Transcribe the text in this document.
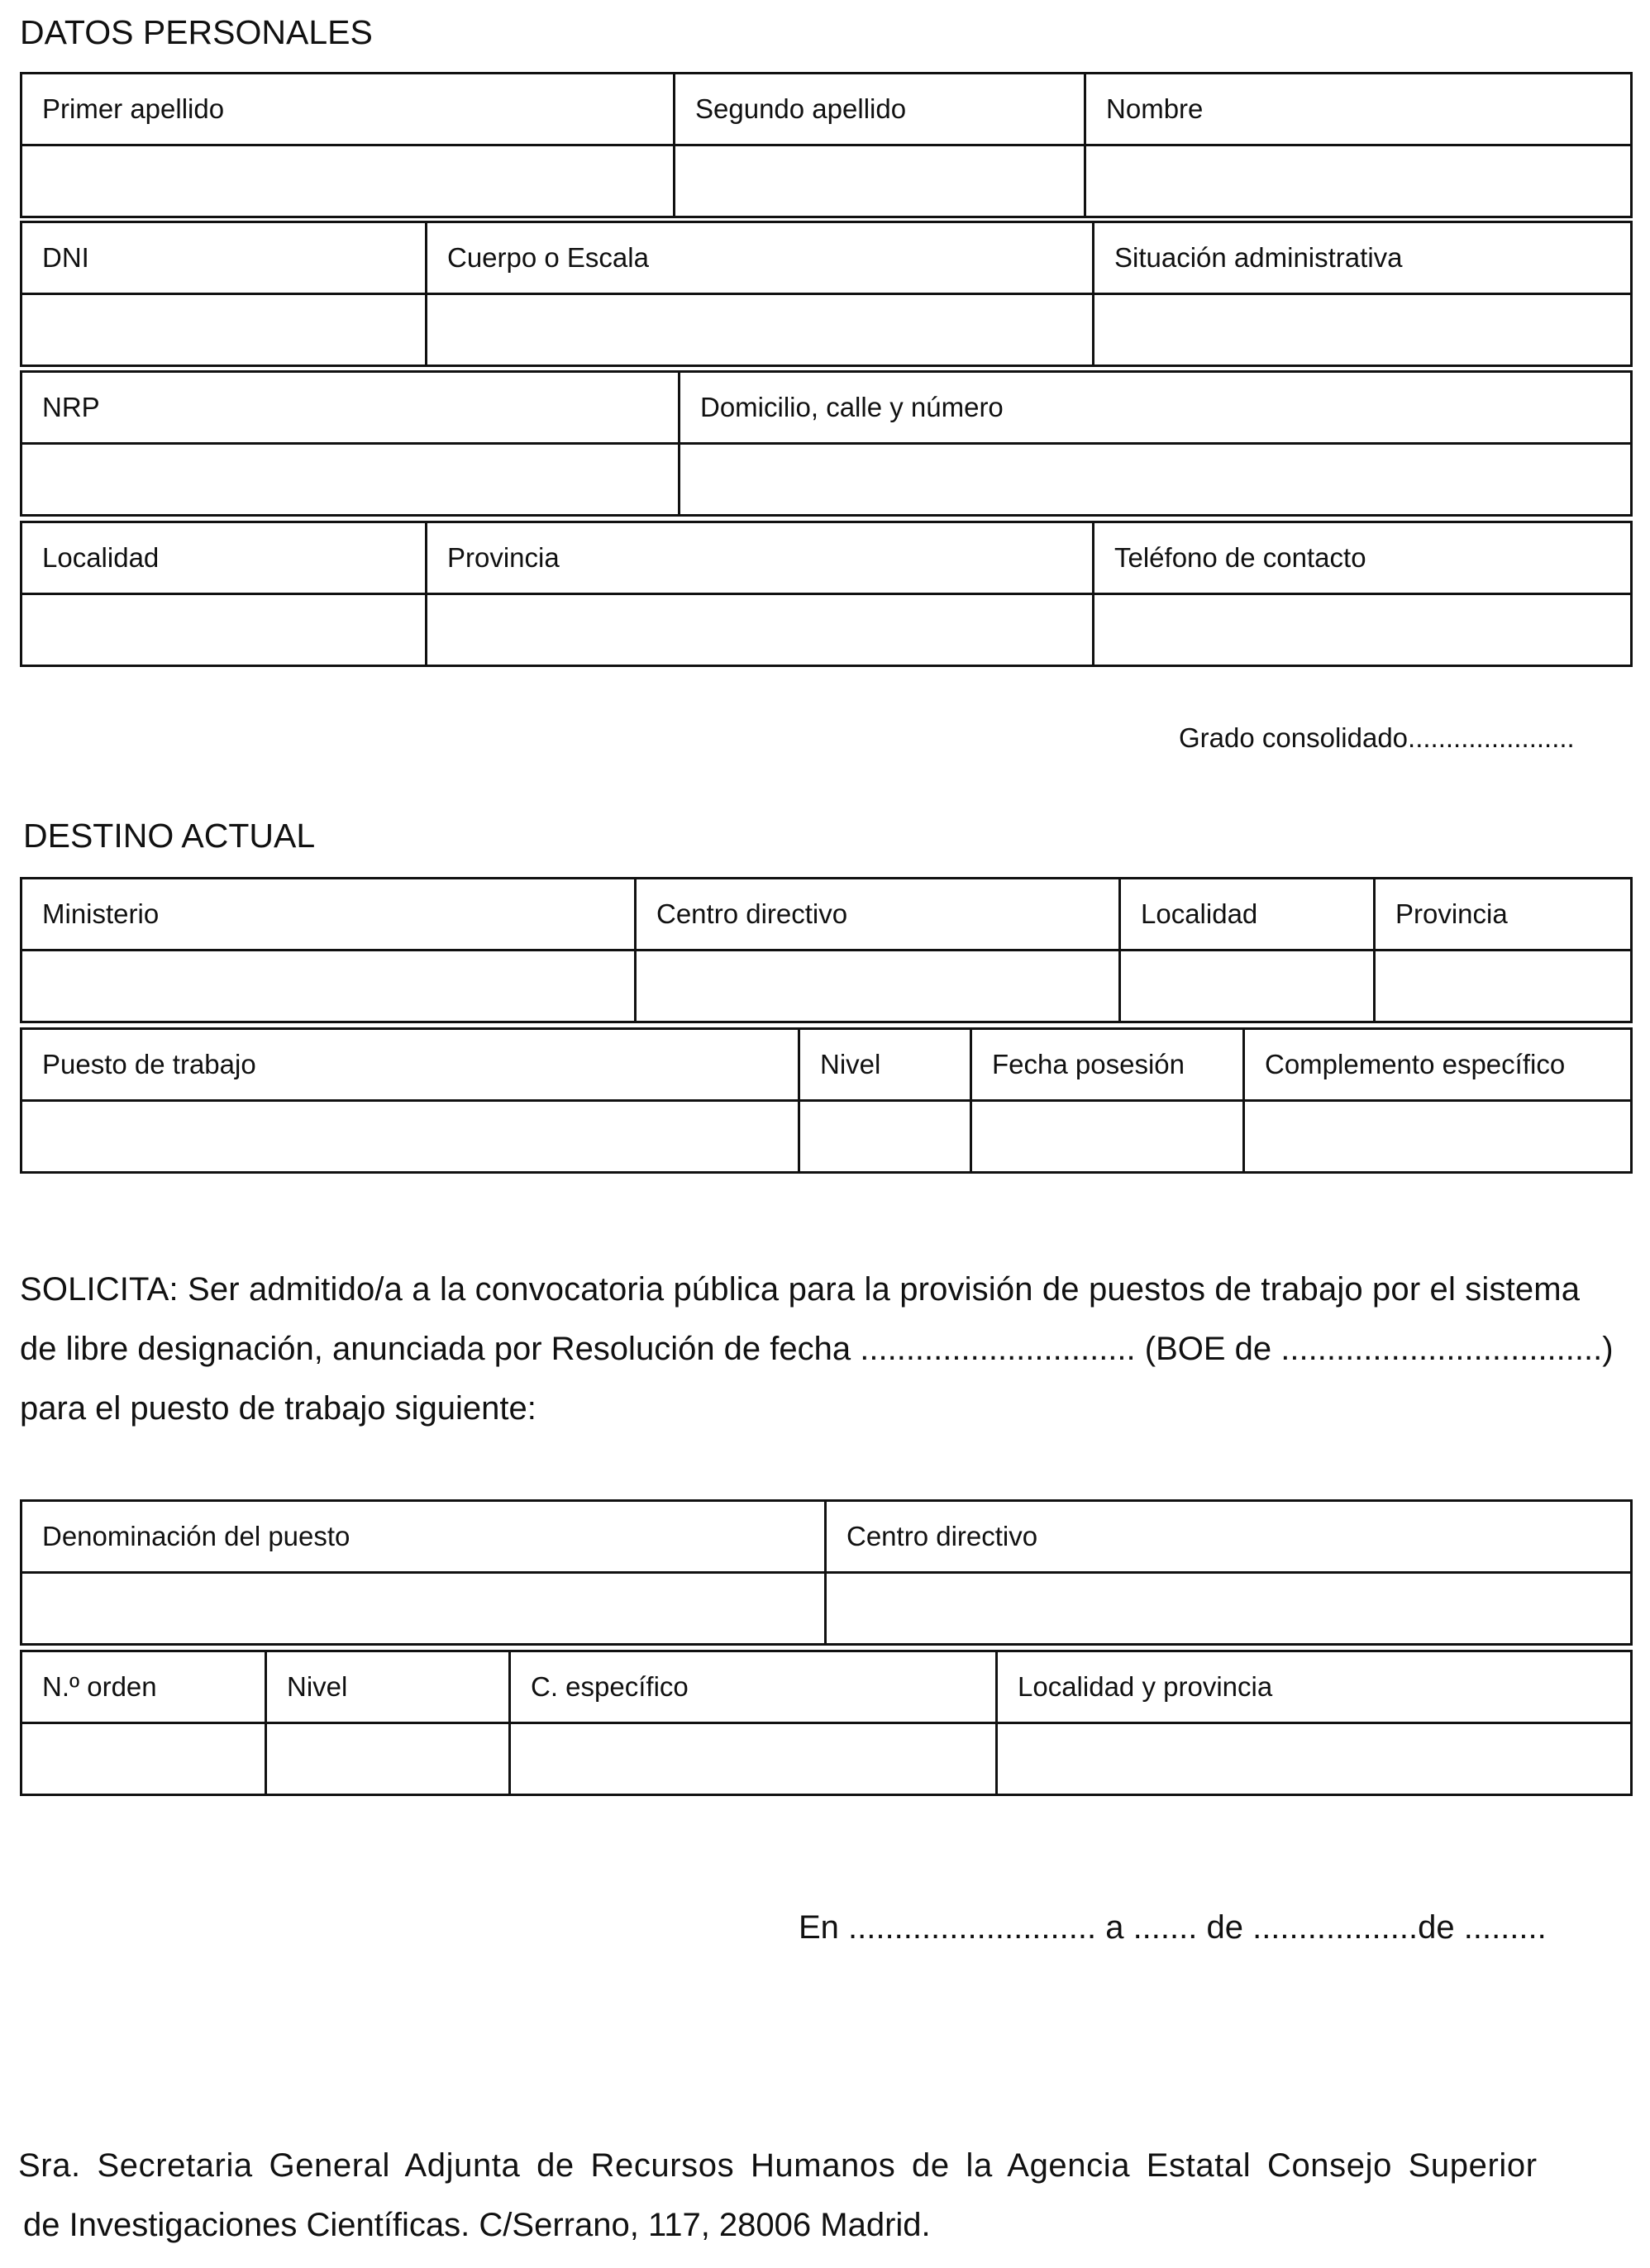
DATOS PERSONALES
Primer apellido	Segundo apellido	Nombre

DNI	Cuerpo o Escala	Situación administrativa

NRP	Domicilio, calle y número

Localidad	Provincia	Teléfono de contacto

Grado consolidado......................
DESTINO ACTUAL
Ministerio	Centro directivo	Localidad	Provincia

Puesto de trabajo	Nivel	Fecha posesión	Complemento específico

SOLICITA: Ser admitido/a a la convocatoria pública para la provisión de puestos de trabajo por el sistema
de libre designación, anunciada por Resolución de fecha .............................. (BOE de ...................................)
para el puesto de trabajo siguiente:
Denominación del puesto	Centro directivo

N.º orden	Nivel	C. específico	Localidad y provincia

En ........................... a ....... de ..................de .........
Sra. Secretaria General Adjunta de Recursos Humanos de la Agencia Estatal Consejo Superior
de Investigaciones Científicas. C/Serrano, 117, 28006 Madrid.
